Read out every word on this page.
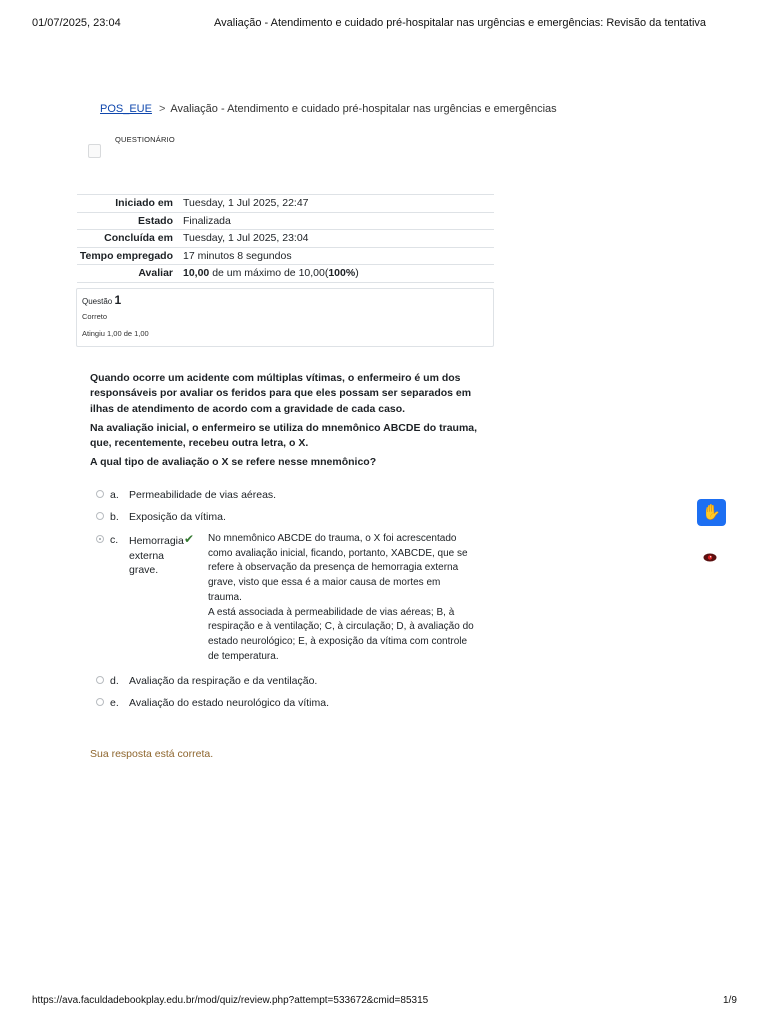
01/07/2025, 23:04	Avaliação - Atendimento e cuidado pré-hospitalar nas urgências e emergências: Revisão da tentativa
POS_EUE > Avaliação - Atendimento e cuidado pré-hospitalar nas urgências e emergências
QUESTIONÁRIO
Iniciado em	Tuesday, 1 Jul 2025, 22:47
Estado	Finalizada
Concluída em	Tuesday, 1 Jul 2025, 23:04
Tempo empregado	17 minutos 8 segundos
Avaliar	10,00 de um máximo de 10,00(100%)
Questão 1
Correto
Atingiu 1,00 de 1,00

Quando ocorre um acidente com múltiplas vítimas, o enfermeiro é um dos responsáveis por avaliar os feridos para que eles possam ser separados em ilhas de atendimento de acordo com a gravidade de cada caso.

Na avaliação inicial, o enfermeiro se utiliza do mnemônico ABCDE do trauma, que, recentemente, recebeu outra letra, o X.

A qual tipo de avaliação o X se refere nesse mnemônico?

a. Permeabilidade de vias aéreas.
b. Exposição da vítima.
c. Hemorragia externa grave.
✔ No mnemônico ABCDE do trauma, o X foi acrescentado como avaliação inicial, ficando, portanto, XABCDE, que se refere à observação da presença de hemorragia externa grave, visto que essa é a maior causa de mortes em trauma.

A está associada à permeabilidade de vias aéreas; B, à respiração e à ventilação; C, à circulação; D, à avaliação do estado neurológico; E, à exposição da vítima com controle de temperatura.

d. Avaliação da respiração e da ventilação.
e. Avaliação do estado neurológico da vítima.
Sua resposta está correta.
✋
https://ava.faculdadebookplay.edu.br/mod/quiz/review.php?attempt=533672&cmid=85315	1/9
